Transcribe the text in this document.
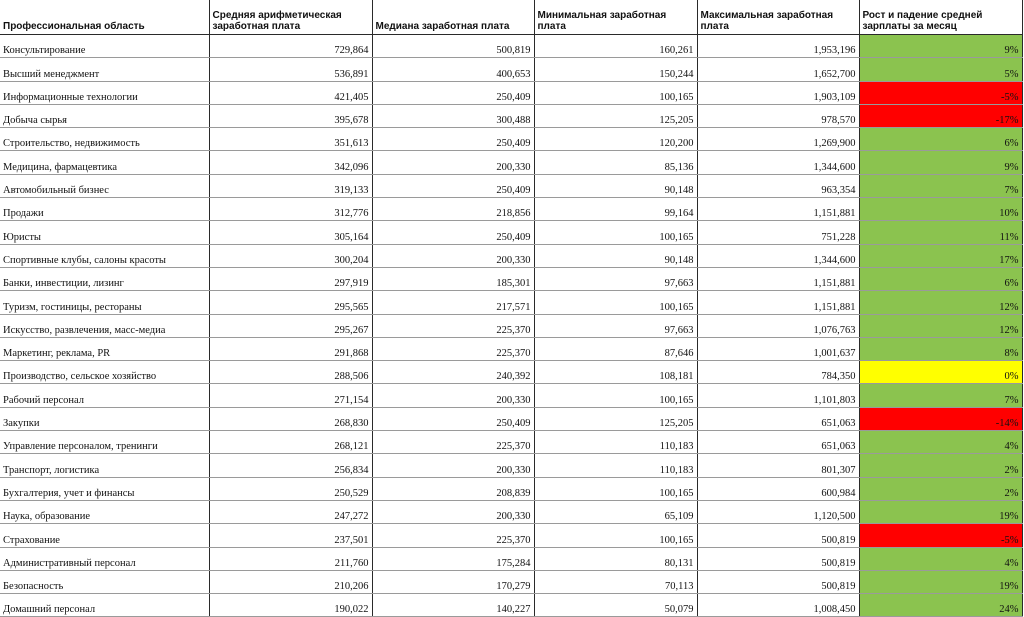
Профессиональная область	Средняя арифметическая заработная плата	Медиана заработная плата	Минимальная заработная плата	Максимальная заработная плата	Рост и падение средней зарплаты за месяц
Консультирование	729,864	500,819	160,261	1,953,196	9%
Высший менеджмент	536,891	400,653	150,244	1,652,700	5%
Информационные технологии	421,405	250,409	100,165	1,903,109	-5%
Добыча сырья	395,678	300,488	125,205	978,570	-17%
Строительство, недвижимость	351,613	250,409	120,200	1,269,900	6%
Медицина, фармацевтика	342,096	200,330	85,136	1,344,600	9%
Автомобильный бизнес	319,133	250,409	90,148	963,354	7%
Продажи	312,776	218,856	99,164	1,151,881	10%
Юристы	305,164	250,409	100,165	751,228	11%
Спортивные клубы, салоны красоты	300,204	200,330	90,148	1,344,600	17%
Банки, инвестиции, лизинг	297,919	185,301	97,663	1,151,881	6%
Туризм, гостиницы, рестораны	295,565	217,571	100,165	1,151,881	12%
Искусство, развлечения, масс-медиа	295,267	225,370	97,663	1,076,763	12%
Маркетинг, реклама, PR	291,868	225,370	87,646	1,001,637	8%
Производство, сельское хозяйство	288,506	240,392	108,181	784,350	0%
Рабочий персонал	271,154	200,330	100,165	1,101,803	7%
Закупки	268,830	250,409	125,205	651,063	-14%
Управление персоналом, тренинги	268,121	225,370	110,183	651,063	4%
Транспорт, логистика	256,834	200,330	110,183	801,307	2%
Бухгалтерия, учет и финансы	250,529	208,839	100,165	600,984	2%
Наука, образование	247,272	200,330	65,109	1,120,500	19%
Страхование	237,501	225,370	100,165	500,819	-5%
Административный персонал	211,760	175,284	80,131	500,819	4%
Безопасность	210,206	170,279	70,113	500,819	19%
Домашний персонал	190,022	140,227	50,079	1,008,450	24%
